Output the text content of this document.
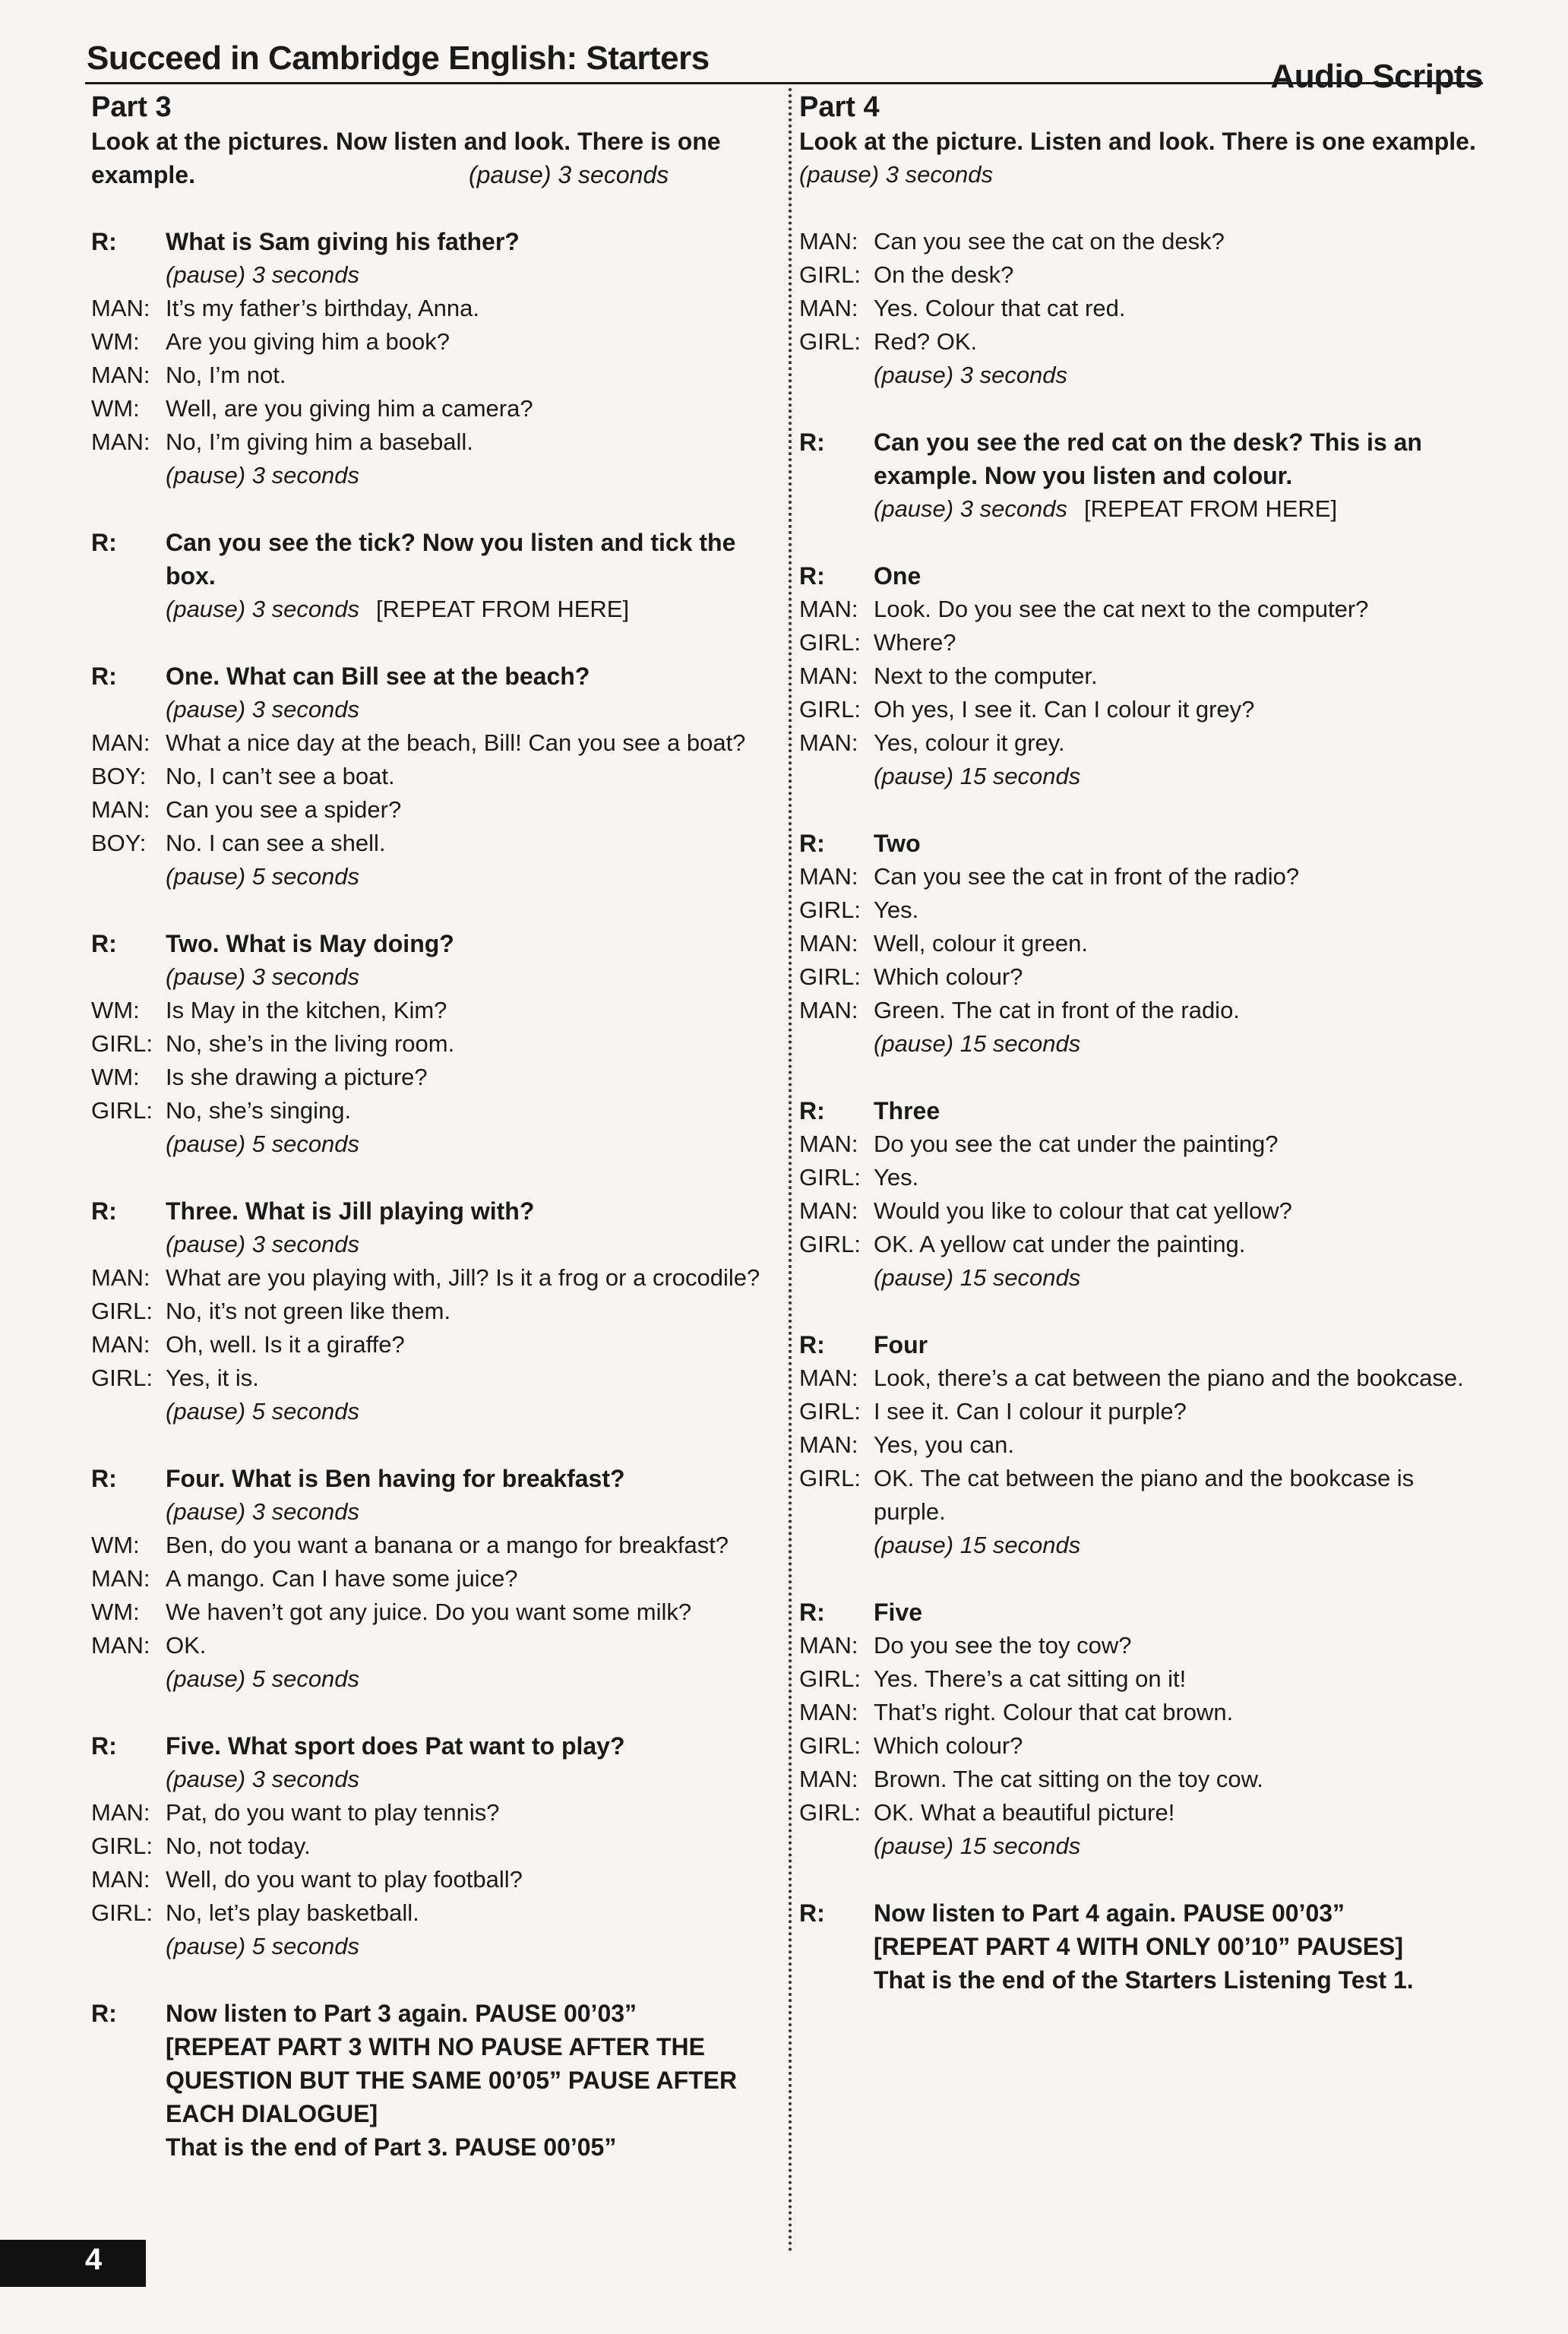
Succeed in Cambridge English: Starters	Audio Scripts
Part 3

Look at the pictures. Now listen and look. There is one example.	(pause) 3 seconds

R:	What is Sam giving his father?
(pause) 3 seconds
MAN: It’s my father’s birthday, Anna.
WM:	Are you giving him a book?
MAN: No, I’m not.
WM:	Well, are you giving him a camera?
MAN: No, I’m giving him a baseball.
(pause) 3 seconds
R:	Can you see the tick? Now you listen and tick the box.
(pause) 3 seconds [REPEAT FROM HERE]
R:	One. What can Bill see at the beach?
(pause) 3 seconds
MAN: What a nice day at the beach, Bill! Can you see a boat?
BOY: No, I can’t see a boat.
MAN: Can you see a spider?
BOY: No. I can see a shell.
(pause) 5 seconds
R:	Two. What is May doing?
(pause) 3 seconds
WM:	Is May in the kitchen, Kim?
GIRL: No, she’s in the living room.
WM:	Is she drawing a picture?
GIRL: No, she’s singing.
(pause) 5 seconds
R:	Three. What is Jill playing with?
(pause) 3 seconds
MAN: What are you playing with, Jill? Is it a frog or a crocodile?
GIRL: No, it’s not green like them.
MAN: Oh, well. Is it a giraffe?
GIRL: Yes, it is.
(pause) 5 seconds
R:	Four. What is Ben having for breakfast?
(pause) 3 seconds
WM:	Ben, do you want a banana or a mango for breakfast?
MAN: A mango. Can I have some juice?
WM:	We haven’t got any juice. Do you want some milk?
MAN: OK.
(pause) 5 seconds
R:	Five. What sport does Pat want to play?
(pause) 3 seconds
MAN: Pat, do you want to play tennis?
GIRL: No, not today.
MAN: Well, do you want to play football?
GIRL: No, let’s play basketball.
(pause) 5 seconds
R:	Now listen to Part 3 again. PAUSE 00’03”
[REPEAT PART 3 WITH NO PAUSE AFTER THE QUESTION BUT THE SAME 00’05” PAUSE AFTER EACH DIALOGUE]
That is the end of Part 3. PAUSE 00’05”
Part 4

Look at the picture. Listen and look. There is one example.

(pause) 3 seconds

MAN: Can you see the cat on the desk?
GIRL: On the desk?
MAN: Yes. Colour that cat red.
GIRL: Red? OK.
(pause) 3 seconds
R:	Can you see the red cat on the desk? This is an example. Now you listen and colour.
(pause) 3 seconds [REPEAT FROM HERE]
R:	One
MAN: Look. Do you see the cat next to the computer?
GIRL: Where?
MAN: Next to the computer.
GIRL: Oh yes, I see it. Can I colour it grey?
MAN: Yes, colour it grey.
(pause) 15 seconds
R:	Two
MAN: Can you see the cat in front of the radio?
GIRL: Yes.
MAN: Well, colour it green.
GIRL: Which colour?
MAN: Green. The cat in front of the radio.
(pause) 15 seconds
R:	Three
MAN: Do you see the cat under the painting?
GIRL: Yes.
MAN: Would you like to colour that cat yellow?
GIRL: OK. A yellow cat under the painting.
(pause) 15 seconds
R:	Four
MAN: Look, there’s a cat between the piano and the bookcase.
GIRL: I see it. Can I colour it purple?
MAN: Yes, you can.
GIRL: OK. The cat between the piano and the bookcase is purple.
(pause) 15 seconds
R:	Five
MAN: Do you see the toy cow?
GIRL: Yes. There’s a cat sitting on it!
MAN: That’s right. Colour that cat brown.
GIRL: Which colour?
MAN: Brown. The cat sitting on the toy cow.
GIRL: OK. What a beautiful picture!
(pause) 15 seconds
R:	Now listen to Part 4 again. PAUSE 00’03”
[REPEAT PART 4 WITH ONLY 00’10” PAUSES]
That is the end of the Starters Listening Test 1.
4
